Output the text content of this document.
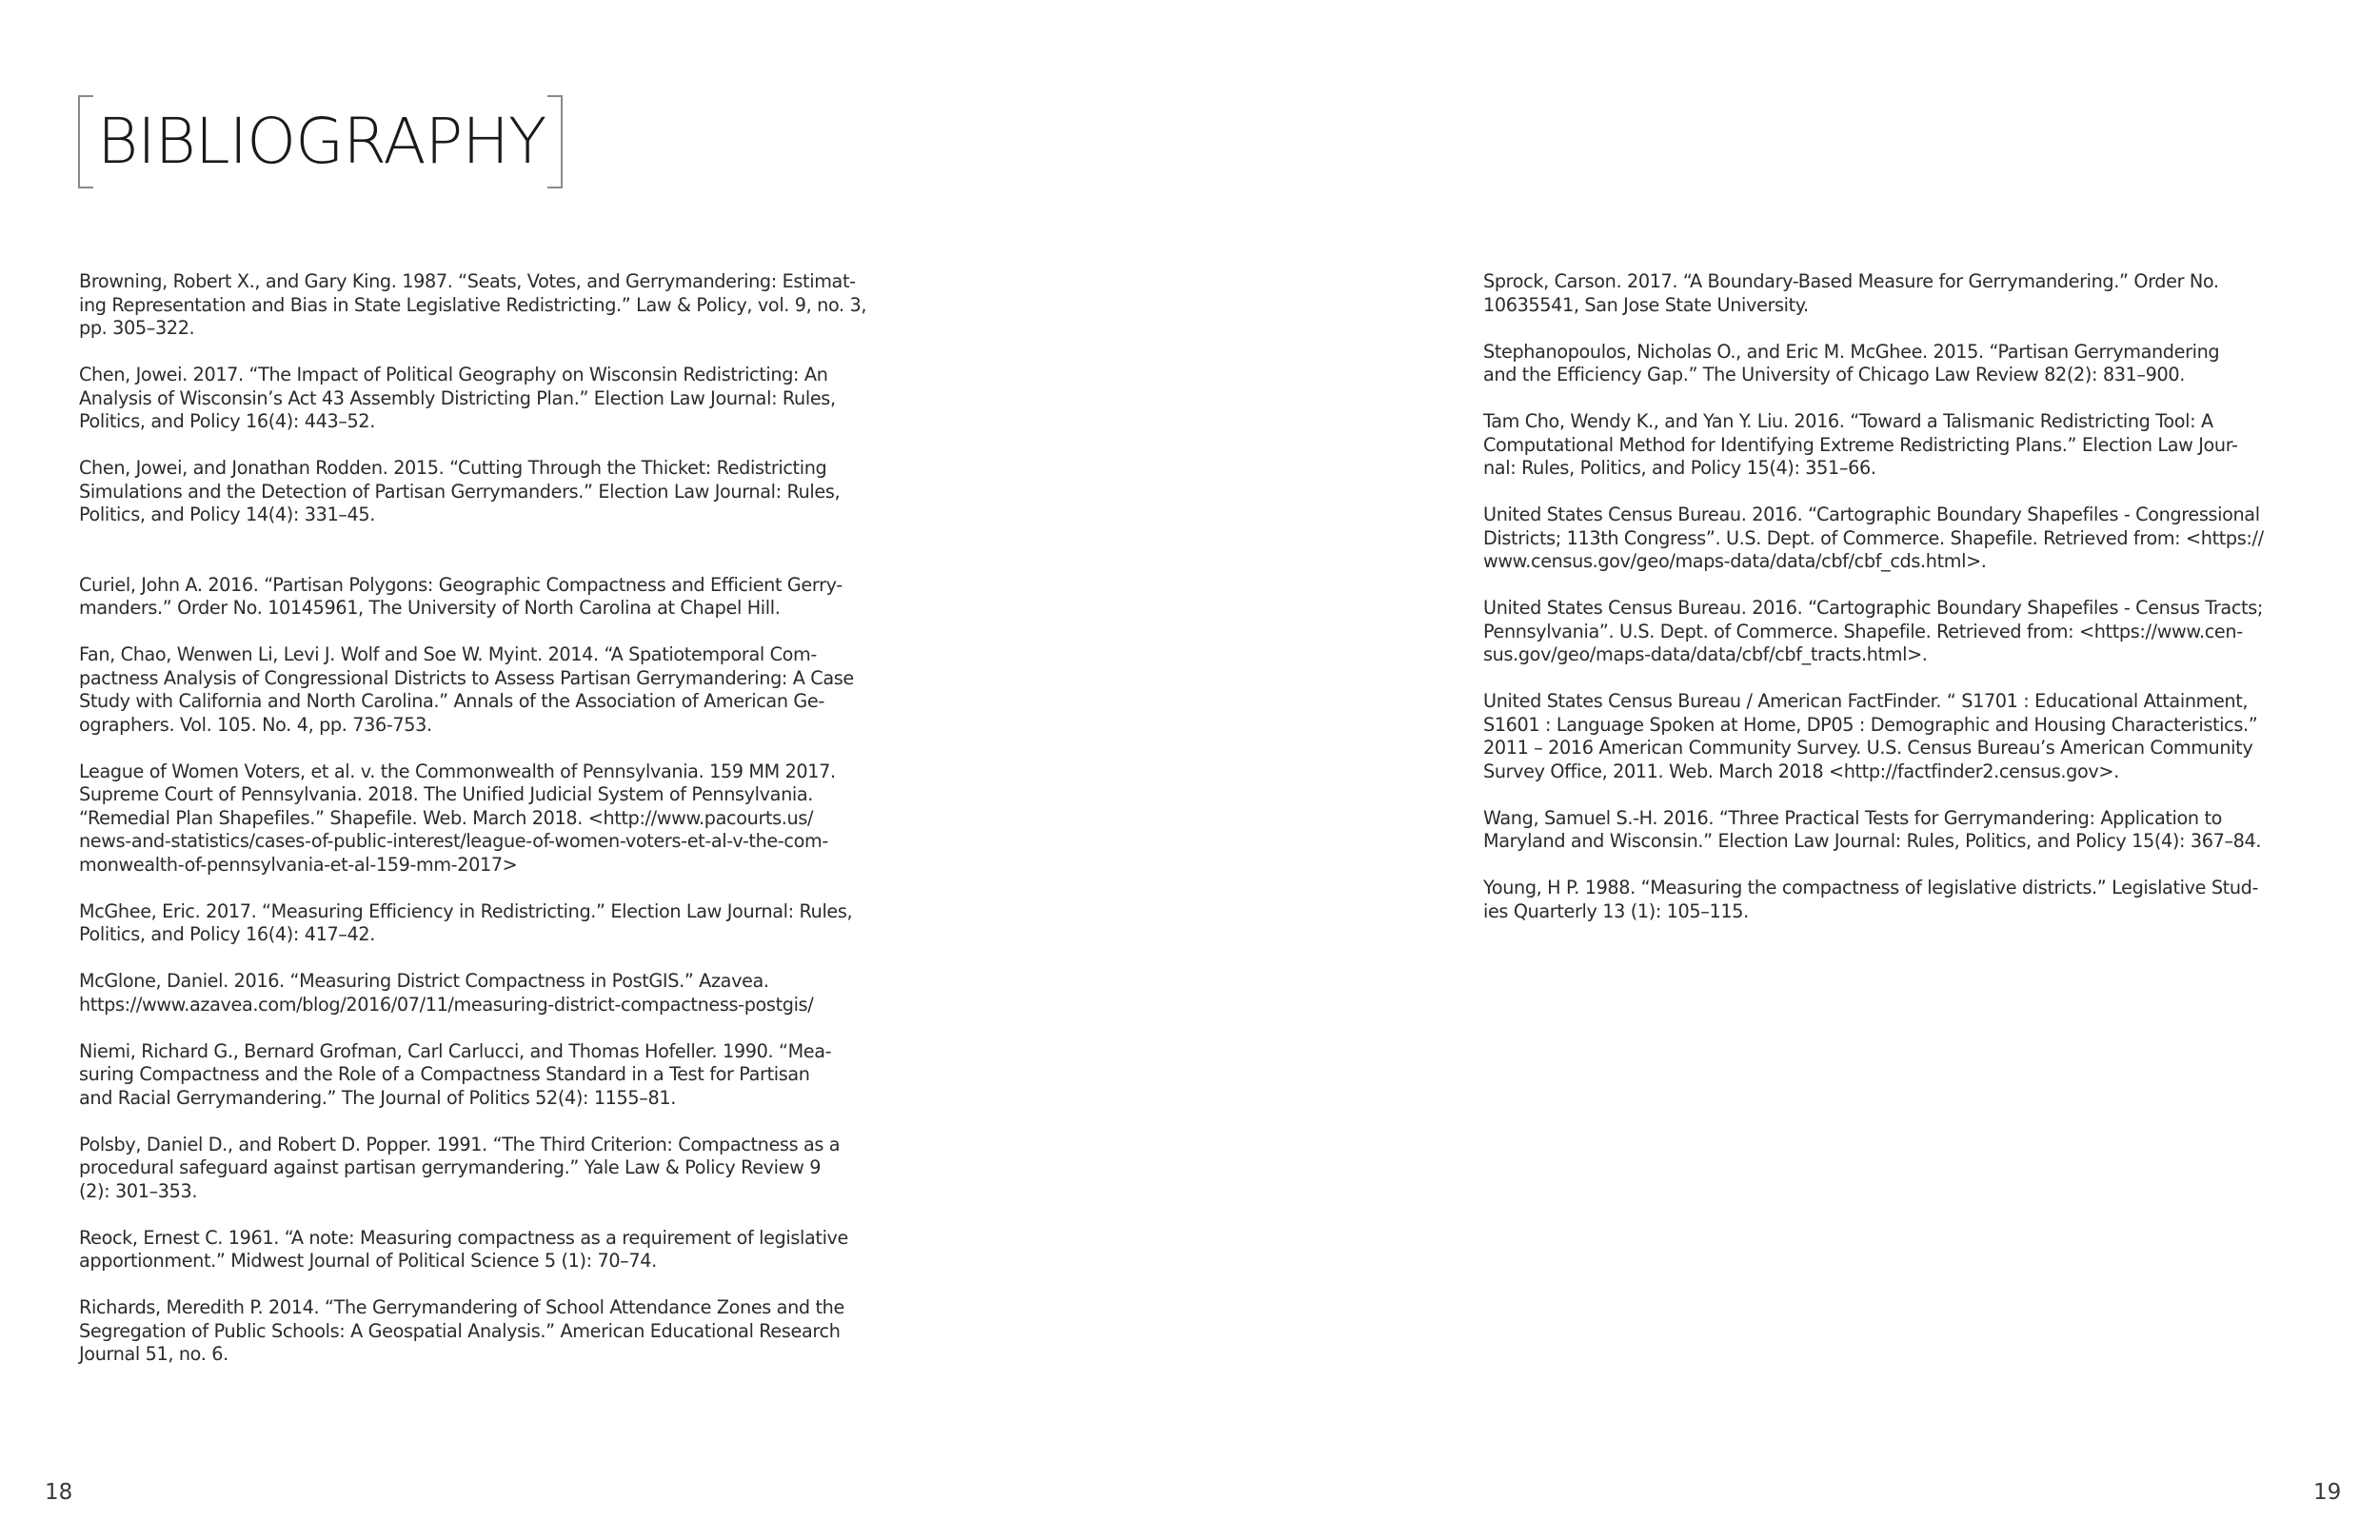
BIBLIOGRAPHY

Browning, Robert X., and Gary King. 1987. “Seats, Votes, and Gerrymandering: Estimat-
ing Representation and Bias in State Legislative Redistricting.” Law & Policy, vol. 9, no. 3,
pp. 305–322.

Chen, Jowei. 2017. “The Impact of Political Geography on Wisconsin Redistricting: An
Analysis of Wisconsin’s Act 43 Assembly Districting Plan.” Election Law Journal: Rules,
Politics, and Policy 16(4): 443–52.

Chen, Jowei, and Jonathan Rodden. 2015. “Cutting Through the Thicket: Redistricting
Simulations and the Detection of Partisan Gerrymanders.” Election Law Journal: Rules,
Politics, and Policy 14(4): 331–45.

Curiel, John A. 2016. “Partisan Polygons: Geographic Compactness and Efficient Gerry-
manders.” Order No. 10145961, The University of North Carolina at Chapel Hill.

Fan, Chao, Wenwen Li, Levi J. Wolf and Soe W. Myint. 2014. “A Spatiotemporal Com-
pactness Analysis of Congressional Districts to Assess Partisan Gerrymandering: A Case
Study with California and North Carolina.” Annals of the Association of American Ge-
ographers. Vol. 105. No. 4, pp. 736-753.

League of Women Voters, et al. v. the Commonwealth of Pennsylvania. 159 MM 2017.
Supreme Court of Pennsylvania. 2018. The Unified Judicial System of Pennsylvania.
“Remedial Plan Shapefiles.” Shapefile. Web. March 2018. <http://www.pacourts.us/
news-and-statistics/cases-of-public-interest/league-of-women-voters-et-al-v-the-com-
monwealth-of-pennsylvania-et-al-159-mm-2017>

McGhee, Eric. 2017. “Measuring Efficiency in Redistricting.” Election Law Journal: Rules,
Politics, and Policy 16(4): 417–42.

McGlone, Daniel. 2016. “Measuring District Compactness in PostGIS.” Azavea.
https://www.azavea.com/blog/2016/07/11/measuring-district-compactness-postgis/

Niemi, Richard G., Bernard Grofman, Carl Carlucci, and Thomas Hofeller. 1990. “Mea-
suring Compactness and the Role of a Compactness Standard in a Test for Partisan
and Racial Gerrymandering.” The Journal of Politics 52(4): 1155–81.

Polsby, Daniel D., and Robert D. Popper. 1991. “The Third Criterion: Compactness as a
procedural safeguard against partisan gerrymandering.” Yale Law & Policy Review 9
(2): 301–353.

Reock, Ernest C. 1961. “A note: Measuring compactness as a requirement of legislative
apportionment.” Midwest Journal of Political Science 5 (1): 70–74.

Richards, Meredith P. 2014. “The Gerrymandering of School Attendance Zones and the
Segregation of Public Schools: A Geospatial Analysis.” American Educational Research
Journal 51, no. 6.

Sprock, Carson. 2017. “A Boundary-Based Measure for Gerrymandering.” Order No.
10635541, San Jose State University.

Stephanopoulos, Nicholas O., and Eric M. McGhee. 2015. “Partisan Gerrymandering
and the Efficiency Gap.” The University of Chicago Law Review 82(2): 831–900.

Tam Cho, Wendy K., and Yan Y. Liu. 2016. “Toward a Talismanic Redistricting Tool: A
Computational Method for Identifying Extreme Redistricting Plans.” Election Law Jour-
nal: Rules, Politics, and Policy 15(4): 351–66.

United States Census Bureau. 2016. “Cartographic Boundary Shapefiles - Congressional
Districts; 113th Congress”. U.S. Dept. of Commerce. Shapefile. Retrieved from: <https://
www.census.gov/geo/maps-data/data/cbf/cbf_cds.html>.

United States Census Bureau. 2016. “Cartographic Boundary Shapefiles - Census Tracts;
Pennsylvania”. U.S. Dept. of Commerce. Shapefile. Retrieved from: <https://www.cen-
sus.gov/geo/maps-data/data/cbf/cbf_tracts.html>.

United States Census Bureau / American FactFinder. “ S1701 : Educational Attainment,
S1601 : Language Spoken at Home, DP05 : Demographic and Housing Characteristics.”
2011 – 2016 American Community Survey. U.S. Census Bureau’s American Community
Survey Office, 2011. Web. March 2018 <http://factfinder2.census.gov>.

Wang, Samuel S.-H. 2016. “Three Practical Tests for Gerrymandering: Application to
Maryland and Wisconsin.” Election Law Journal: Rules, Politics, and Policy 15(4): 367–84.

Young, H P. 1988. “Measuring the compactness of legislative districts.” Legislative Stud-
ies Quarterly 13 (1): 105–115.

18	19
